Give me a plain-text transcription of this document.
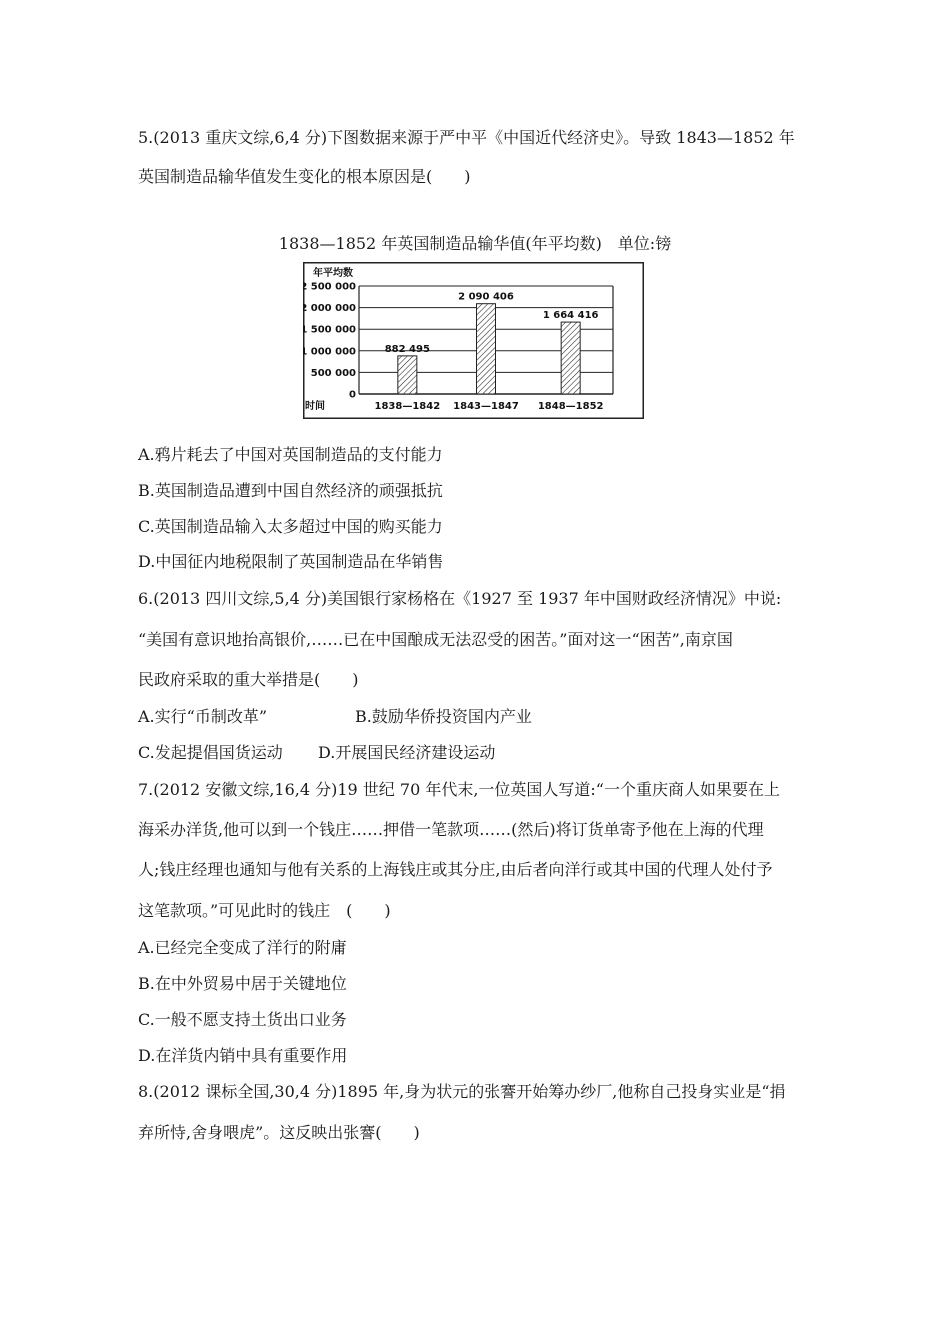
5.(2013 重庆文综,6,4 分)下图数据来源于严中平《中国近代经济史》。导致 1843—1852 年
英国制造品输华值发生变化的根本原因是(　　)
1838—1852 年英国制造品输华值(年平均数)　单位:镑
年平均数
时间
0
500 000
1 000 000
1 500 000
2 000 000
2 500 000
882 495
1838—1842
2 090 406
1843—1847
1 664 416
1848—1852
A.鸦片耗去了中国对英国制造品的支付能力
B.英国制造品遭到中国自然经济的顽强抵抗
C.英国制造品输入太多超过中国的购买能力
D.中国征内地税限制了英国制造品在华销售
6.(2013 四川文综,5,4 分)美国银行家杨格在《1927 至 1937 年中国财政经济情况》中说:
“美国有意识地抬高银价,……已在中国酿成无法忍受的困苦。”面对这一“困苦”,南京国
民政府采取的重大举措是(　　)
A.实行“币制改革”	B.鼓励华侨投资国内产业
C.发起提倡国货运动 D.开展国民经济建设运动
7.(2012 安徽文综,16,4 分)19 世纪 70 年代末,一位英国人写道:“一个重庆商人如果要在上
海采办洋货,他可以到一个钱庄……押借一笔款项……(然后)将订货单寄予他在上海的代理
人;钱庄经理也通知与他有关系的上海钱庄或其分庄,由后者向洋行或其中国的代理人处付予
这笔款项。”可见此时的钱庄　(　　)
A.已经完全变成了洋行的附庸
B.在中外贸易中居于关键地位
C.一般不愿支持土货出口业务
D.在洋货内销中具有重要作用
8.(2012 课标全国,30,4 分)1895 年,身为状元的张謇开始筹办纱厂,他称自己投身实业是“捐
弃所恃,舍身喂虎”。这反映出张謇(　　)
